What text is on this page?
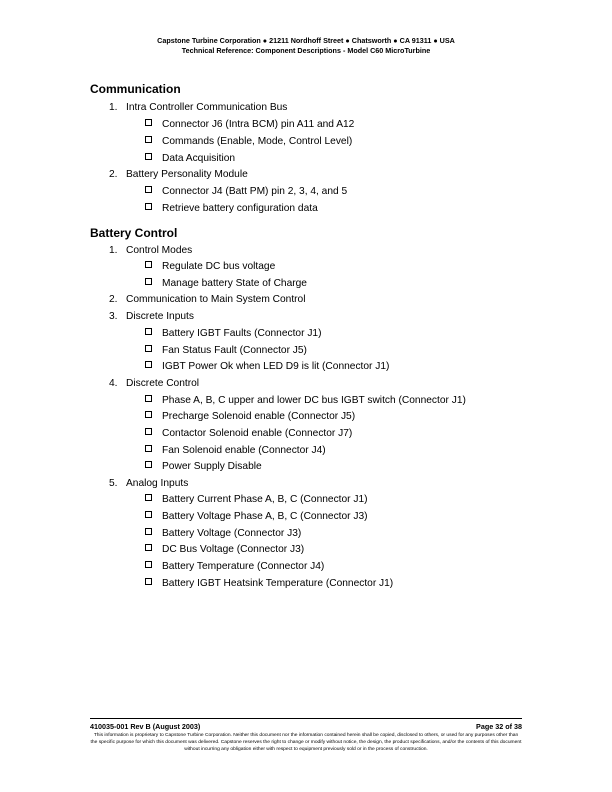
Capstone Turbine Corporation ● 21211 Nordhoff Street ● Chatsworth ● CA 91311 ● USA
Technical Reference: Component Descriptions - Model C60 MicroTurbine
Communication
1. Intra Controller Communication Bus
Connector J6 (Intra BCM) pin A11 and A12
Commands (Enable, Mode, Control Level)
Data Acquisition
2. Battery Personality Module
Connector J4 (Batt PM) pin 2, 3, 4, and 5
Retrieve battery configuration data
Battery Control
1. Control Modes
Regulate DC bus voltage
Manage battery State of Charge
2. Communication to Main System Control
3. Discrete Inputs
Battery IGBT Faults (Connector J1)
Fan Status Fault (Connector J5)
IGBT Power Ok when LED D9 is lit (Connector J1)
4. Discrete Control
Phase A, B, C upper and lower DC bus IGBT switch (Connector J1)
Precharge Solenoid enable (Connector J5)
Contactor Solenoid enable (Connector J7)
Fan Solenoid enable (Connector J4)
Power Supply Disable
5. Analog Inputs
Battery Current Phase A, B, C (Connector J1)
Battery Voltage Phase A, B, C (Connector J3)
Battery Voltage (Connector J3)
DC Bus Voltage (Connector J3)
Battery Temperature (Connector J4)
Battery IGBT Heatsink Temperature (Connector J1)
410035-001 Rev B (August 2003)	Page 32 of 38
This information is proprietary to Capstone Turbine Corporation. Neither this document nor the information contained herein shall be copied, disclosed to others, or used for any purposes other than the specific purpose for which this document was delivered. Capstone reserves the right to change or modify without notice, the design, the product specifications, and/or the contents of this document without incurring any obligation either with respect to equipment previously sold or in the process of construction.
